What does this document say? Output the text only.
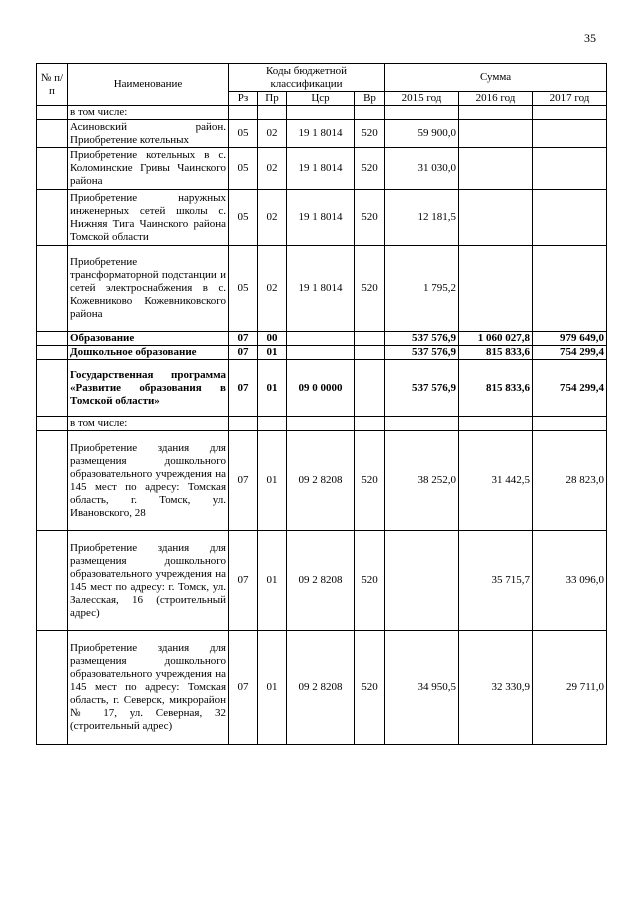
35
№ п/п	Наименование	Коды бюджетной классификации				Сумма		
		Рз	Пр	Цср	Вр	2015 год	2016 год	2017 год
	в том числе:							
	Асиновский район. Приобретение котельных	05	02	19 1 8014	520	59 900,0		
	Приобретение котельных в с. Коломинские Гривы Чаинского района	05	02	19 1 8014	520	31 030,0		
	Приобретение наружных инженерных сетей школы с. Нижняя Тига Чаинского района Томской области	05	02	19 1 8014	520	12 181,5		
	Приобретение трансформаторной подстанции и сетей электроснабжения в с. Кожевниково Кожевниковского района	05	02	19 1 8014	520	1 795,2		
	Образование	07	00			537 576,9	1 060 027,8	979 649,0
	Дошкольное образование	07	01			537 576,9	815 833,6	754 299,4
	Государственная программа «Развитие образования в Томской области»	07	01	09 0 0000		537 576,9	815 833,6	754 299,4
	в том числе:							
	Приобретение здания для размещения дошкольного образовательного учреждения на 145 мест по адресу: Томская область, г. Томск, ул. Ивановского, 28	07	01	09 2 8208	520	38 252,0	31 442,5	28 823,0
	Приобретение здания для размещения дошкольного образовательного учреждения на 145 мест по адресу: г. Томск, ул. Залесская, 16 (строительный адрес)	07	01	09 2 8208	520		35 715,7	33 096,0
	Приобретение здания для размещения дошкольного образовательного учреждения на 145 мест по адресу: Томская область, г. Северск, микрорайон № 17, ул. Северная, 32 (строительный адрес)	07	01	09 2 8208	520	34 950,5	32 330,9	29 711,0
